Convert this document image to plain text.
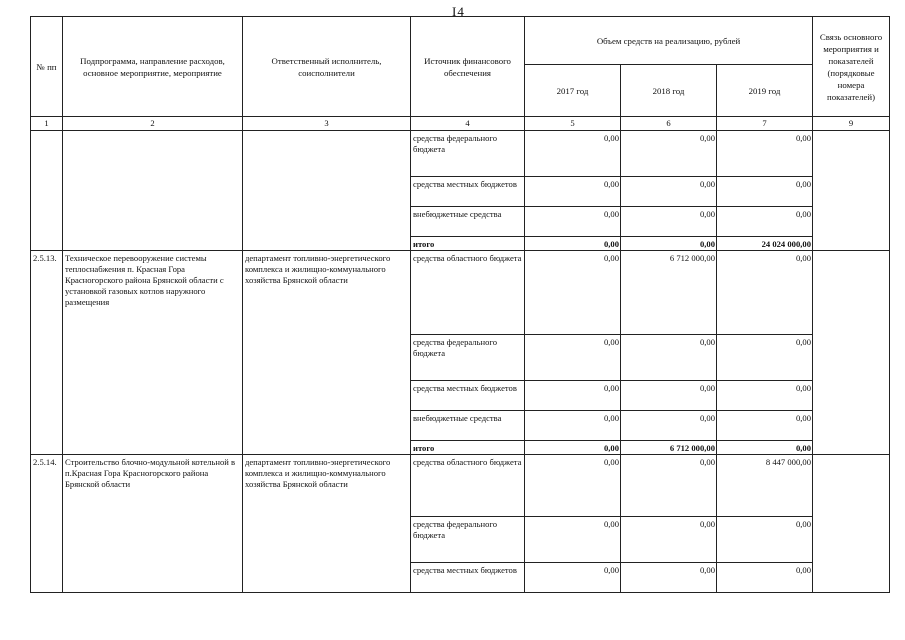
I4
№ пп	Подпрограмма, направление расходов, основное мероприятие, мероприятие	Ответственный исполнитель, соисполнители	Источник финансового обеспечения	Объем средств на реализацию, рублей			Связь основного мероприятия и показателей (порядковые номера показателей)
				2017 год	2018 год	2019 год	
1	2	3	4	5	6	7	9
			средства федерального бюджета	0,00	0,00	0,00	
			средства местных бюджетов	0,00	0,00	0,00	
			внебюджетные средства	0,00	0,00	0,00	
			итого	0,00	0,00	24 024 000,00	
2.5.13.	Техническое перевооружение системы теплоснабжения п. Красная Гора Красногорского района Брянской области с установкой газовых котлов наружного размещения	департамент топливно-энергетического комплекса и жилищно-коммунального хозяйства Брянской области	средства областного бюджета	0,00	6 712 000,00	0,00	
			средства федерального бюджета	0,00	0,00	0,00	
			средства местных бюджетов	0,00	0,00	0,00	
			внебюджетные средства	0,00	0,00	0,00	
			итого	0,00	6 712 000,00	0,00	
2.5.14.	Строительство блочно-модульной котельной в п.Красная Гора Красногорского района Брянской области	департамент топливно-энергетического комплекса и жилищно-коммунального хозяйства Брянской области	средства областного бюджета	0,00	0,00	8 447 000,00	
			средства федерального бюджета	0,00	0,00	0,00	
			средства местных бюджетов	0,00	0,00	0,00	
